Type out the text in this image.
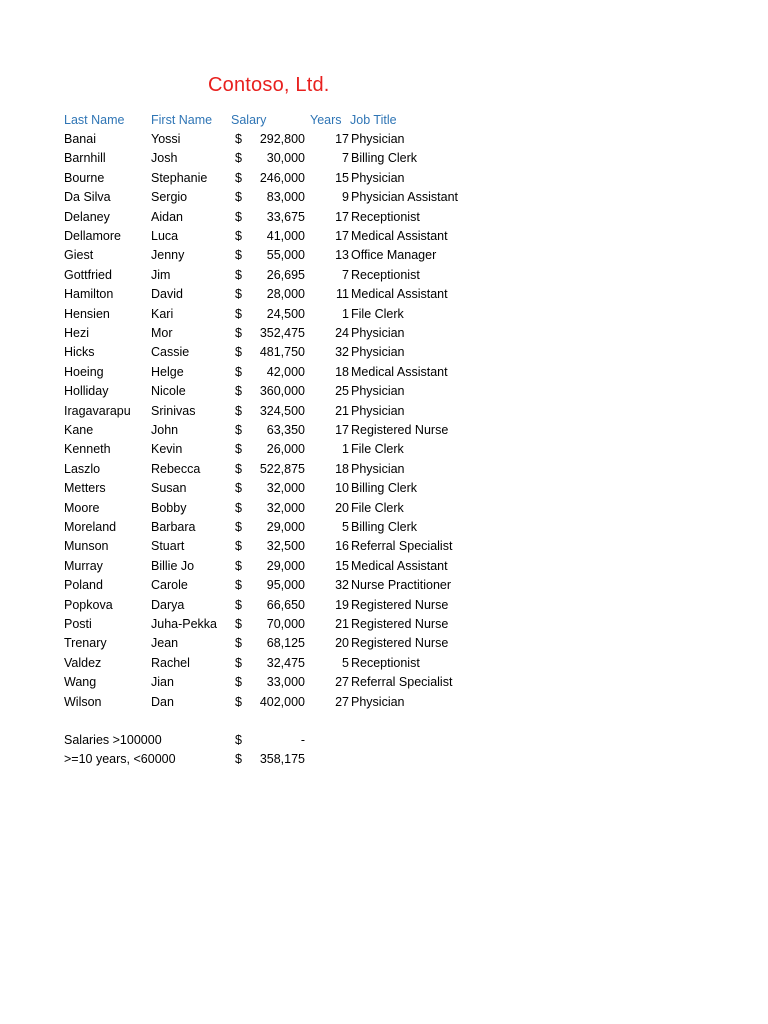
Contoso, Ltd.
Last Name First Name Salary	Years Job Title
Banai	Yossi	$	292,800	17 Physician
Barnhill	Josh	$	30,000	7 Billing Clerk
Bourne	Stephanie $	246,000	15 Physician
Da Silva	Sergio	$	83,000	9 Physician Assistant
Delaney	Aidan	$	33,675	17 Receptionist
Dellamore Luca	$	41,000	17 Medical Assistant
Giest	Jenny	$	55,000	13 Office Manager
Gottfried	Jim	$	26,695	7 Receptionist
Hamilton	David	$	28,000	11 Medical Assistant
Hensien	Kari	$	24,500	1 File Clerk
Hezi	Mor	$	352,475	24 Physician
Hicks	Cassie	$	481,750	32 Physician
Hoeing	Helge	$	42,000	18 Medical Assistant
Holliday	Nicole	$	360,000	25 Physician
Iragavarapu Srinivas	$	324,500	21 Physician
Kane	John	$	63,350	17 Registered Nurse
Kenneth	Kevin	$	26,000	1 File Clerk
Laszlo	Rebecca	$	522,875	18 Physician
Metters	Susan	$	32,000	10 Billing Clerk
Moore	Bobby	$	32,000	20 File Clerk
Moreland	Barbara	$	29,000	5 Billing Clerk
Munson	Stuart	$	32,500	16 Referral Specialist
Murray	Billie Jo	$	29,000	15 Medical Assistant
Poland	Carole	$	95,000	32 Nurse Practitioner
Popkova	Darya	$	66,650	19 Registered Nurse
Posti	Juha-Pekka $	70,000	21 Registered Nurse
Trenary	Jean	$	68,125	20 Registered Nurse
Valdez	Rachel	$	32,475	5 Receptionist
Wang	Jian	$	33,000	27 Referral Specialist
Wilson	Dan	$	402,000	27 Physician
Salaries >100000	$	-
>=10 years, <60000	$	358,175
